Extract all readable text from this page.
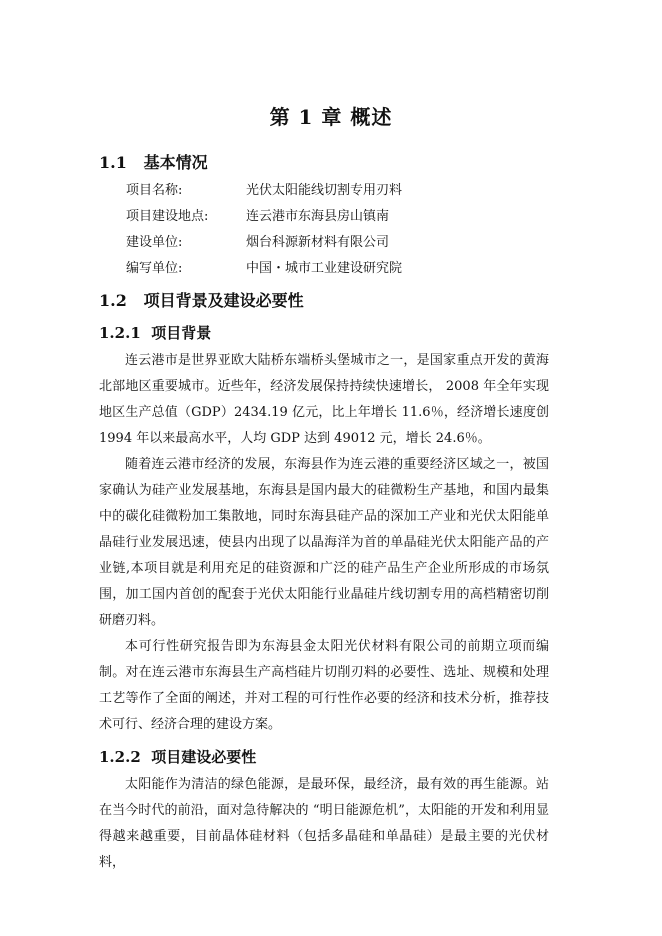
第 1 章 概述
1.1 基本情况
项目名称:	光伏太阳能线切割专用刃料
项目建设地点:	连云港市东海县房山镇南
建设单位:	烟台科源新材料有限公司
编写单位:	中国・城市工业建设研究院
1.2 项目背景及建设必要性
1.2.1 项目背景

连云港市是世界亚欧大陆桥东端桥头堡城市之一，是国家重点开发的黄海北部地区重要城市。近些年，经济发展保持持续快速增长， 2008 年全年实现地区生产总值（GDP）2434.19 亿元，比上年增长 11.6％，经济增长速度创 1994 年以来最高水平，人均 GDP 达到 49012 元，增长 24.6％。

随着连云港市经济的发展，东海县作为连云港的重要经济区域之一，被国家确认为硅产业发展基地，东海县是国内最大的硅微粉生产基地，和国内最集中的碳化硅微粉加工集散地，同时东海县硅产品的深加工产业和光伏太阳能单晶硅行业发展迅速，使县内出现了以晶海洋为首的单晶硅光伏太阳能产品的产业链,本项目就是利用充足的硅资源和广泛的硅产品生产企业所形成的市场氛围，加工国内首创的配套于光伏太阳能行业晶硅片线切割专用的高档精密切削研磨刃料。

本可行性研究报告即为东海县金太阳光伏材料有限公司的前期立项而编制。对在连云港市东海县生产高档硅片切削刃料的必要性、选址、规模和处理工艺等作了全面的阐述，并对工程的可行性作必要的经济和技术分析，推荐技术可行、经济合理的建设方案。

1.2.2 项目建设必要性

太阳能作为清洁的绿色能源，是最环保，最经济，最有效的再生能源。站在当今时代的前沿，面对急待解决的 “明日能源危机”，太阳能的开发和利用显得越来越重要，目前晶体硅材料（包括多晶硅和单晶硅）是最主要的光伏材料，
